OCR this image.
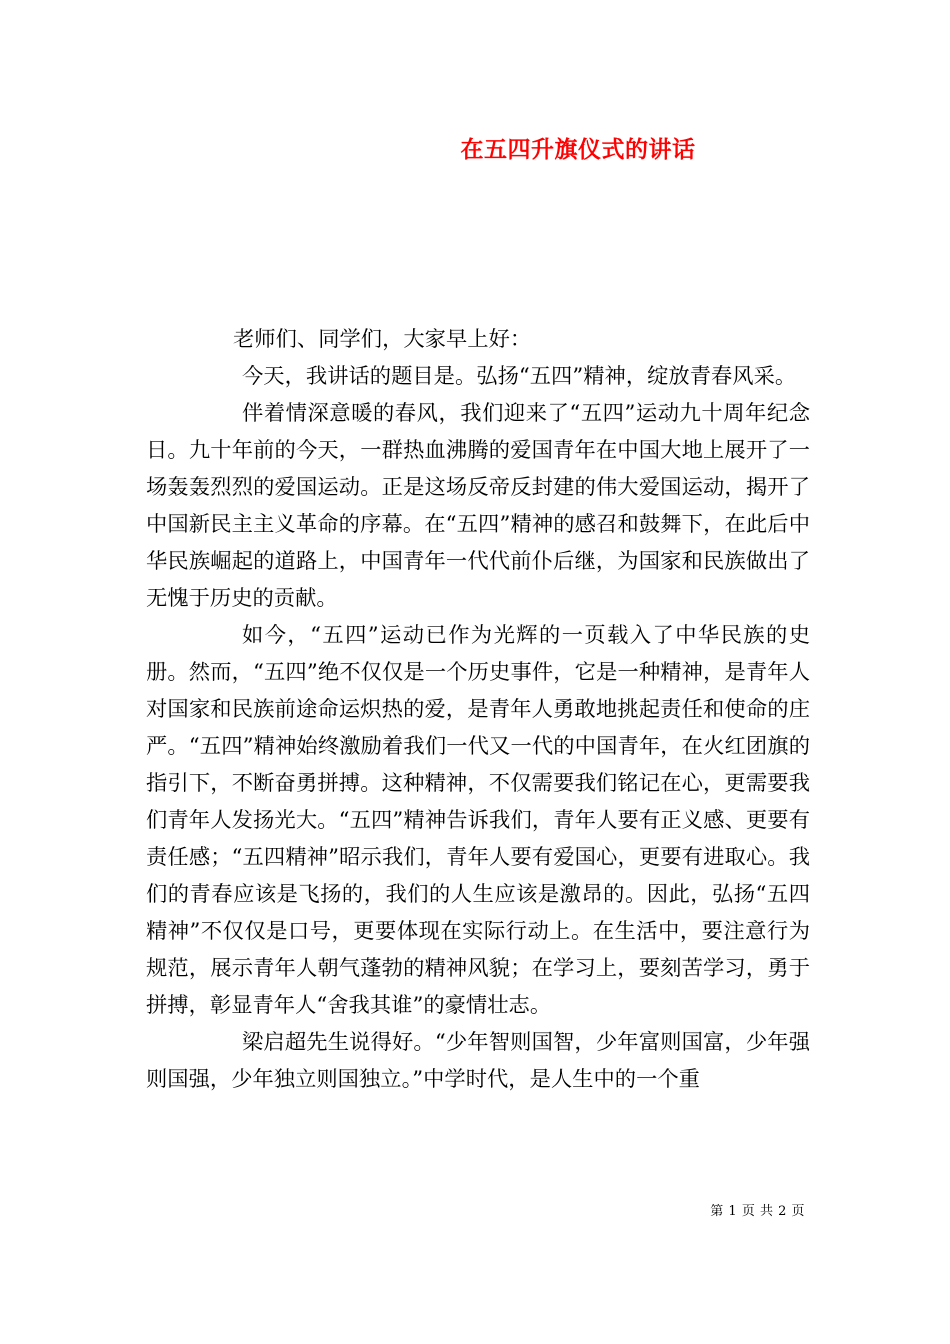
在五四升旗仪式的讲话

老师们、同学们，大家早上好：

今天，我讲话的题目是。弘扬“五四”精神，绽放青春风采。

伴着情深意暖的春风，我们迎来了“五四”运动九十周年纪念日。九十年前的今天，一群热血沸腾的爱国青年在中国大地上展开了一场轰轰烈烈的爱国运动。正是这场反帝反封建的伟大爱国运动，揭开了中国新民主主义革命的序幕。在“五四”精神的感召和鼓舞下，在此后中华民族崛起的道路上，中国青年一代代前仆后继，为国家和民族做出了无愧于历史的贡献。

如今，“五四”运动已作为光辉的一页载入了中华民族的史册。然而，“五四”绝不仅仅是一个历史事件，它是一种精神，是青年人对国家和民族前途命运炽热的爱，是青年人勇敢地挑起责任和使命的庄严。“五四”精神始终激励着我们一代又一代的中国青年，在火红团旗的指引下，不断奋勇拼搏。这种精神，不仅需要我们铭记在心，更需要我们青年人发扬光大。“五四”精神告诉我们，青年人要有正义感、更要有责任感；“五四精神”昭示我们，青年人要有爱国心，更要有进取心。我们的青春应该是飞扬的，我们的人生应该是激昂的。因此，弘扬“五四精神”不仅仅是口号，更要体现在实际行动上。在生活中，要注意行为规范，展示青年人朝气蓬勃的精神风貌；在学习上，要刻苦学习，勇于拼搏，彰显青年人“舍我其谁”的豪情壮志。

梁启超先生说得好。“少年智则国智，少年富则国富，少年强则国强，少年独立则国独立。”中学时代，是人生中的一个重

第 1 页 共 2 页
